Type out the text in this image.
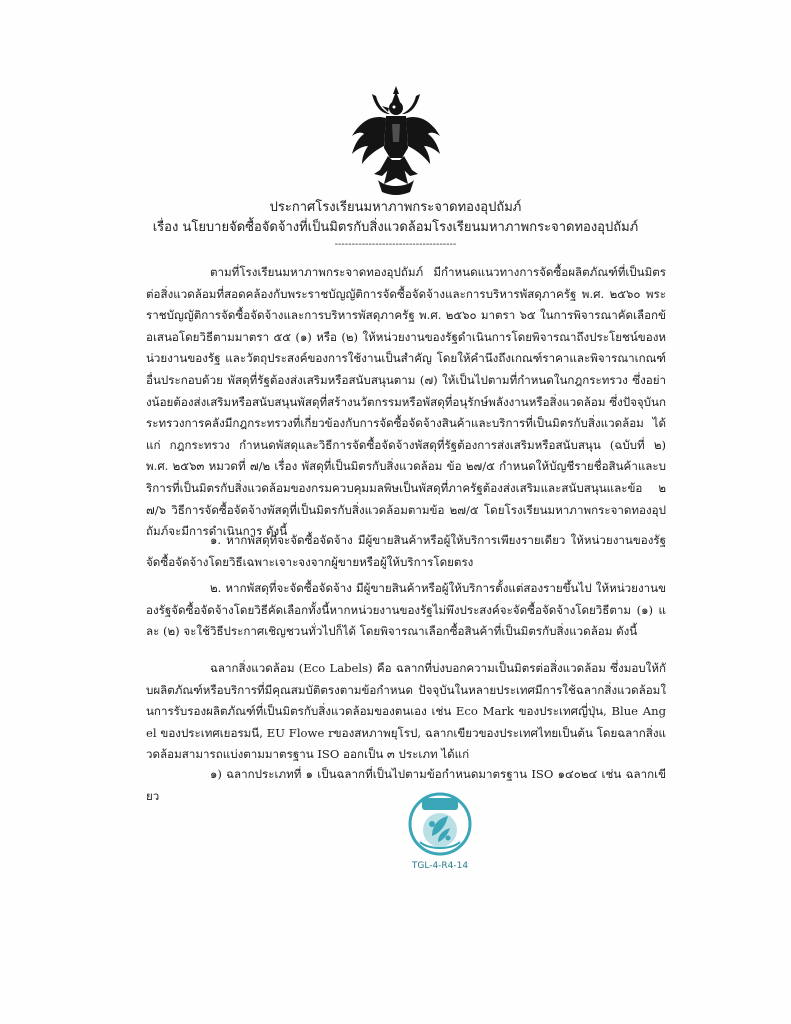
ประกาศโรงเรียนมหาภาพกระจาดทองอุปถัมภ์
เรื่อง นโยบายจัดซื้อจัดจ้างที่เป็นมิตรกับสิ่งแวดล้อมโรงเรียนมหาภาพกระจาดทองอุปถัมภ์
------------------------------------
ตามที่โรงเรียนมหาภาพกระจาดทองอุปถัมภ์ มีกำหนดแนวทางการจัดซื้อผลิตภัณฑ์ที่เป็นมิตรต่อสิ่งแวดล้อมที่สอดคล้องกับพระราชบัญญัติการจัดซื้อจัดจ้างและการบริหารพัสดุภาครัฐ พ.ศ. ๒๕๖๐ พระราชบัญญัติการจัดซื้อจัดจ้างและการบริหารพัสดุภาครัฐ พ.ศ. ๒๕๖๐ มาตรา ๖๕ ในการพิจารณาคัดเลือกข้อเสนอโดยวิธีตามมาตรา ๕๕ (๑) หรือ (๒) ให้หน่วยงานของรัฐดำเนินการโดยพิจารณาถึงประโยชน์ของหน่วยงานของรัฐ และวัตถุประสงค์ของการใช้งานเป็นสำคัญ โดยให้คำนึงถึงเกณฑ์ราคาและพิจารณาเกณฑ์อื่นประกอบด้วย พัสดุที่รัฐต้องส่งเสริมหรือสนับสนุนตาม (๗) ให้เป็นไปตามที่กำหนดในกฎกระทรวง ซึ่งอย่างน้อยต้องส่งเสริมหรือสนับสนุนพัสดุที่สร้างนวัตกรรมหรือพัสดุที่อนุรักษ์พลังงานหรือสิ่งแวดล้อม ซึ่งปัจจุบันกระทรวงการคลังมีกฎกระทรวงที่เกี่ยวข้องกับการจัดซื้อจัดจ้างสินค้าและบริการที่เป็นมิตรกับสิ่งแวดล้อม ได้แก่ กฎกระทรวง กำหนดพัสดุและวิธีการจัดซื้อจัดจ้างพัสดุที่รัฐต้องการส่งเสริมหรือสนับสนุน (ฉบับที่ ๒) พ.ศ. ๒๕๖๓ หมวดที่ ๗/๒ เรื่อง พัสดุที่เป็นมิตรกับสิ่งแวดล้อม ข้อ ๒๗/๕ กำหนดให้บัญชีรายชื่อสินค้าและบริการที่เป็นมิตรกับสิ่งแวดล้อมของกรมควบคุมมลพิษเป็นพัสดุที่ภาครัฐต้องส่งเสริมและสนับสนุนและข้อ ๒๗/๖ วิธีการจัดซื้อจัดจ้างพัสดุที่เป็นมิตรกับสิ่งแวดล้อมตามข้อ ๒๗/๕ โดยโรงเรียนมหาภาพกระจาดทองอุปถัมภ์จะมีการดำเนินการ ดังนี้
๑. หากพัสดุที่จะจัดซื้อจัดจ้าง มีผู้ขายสินค้าหรือผู้ให้บริการเพียงรายเดียว ให้หน่วยงานของรัฐจัดซื้อจัดจ้างโดยวิธีเฉพาะเจาะจงจากผู้ขายหรือผู้ให้บริการโดยตรง
๒. หากพัสดุที่จะจัดซื้อจัดจ้าง มีผู้ขายสินค้าหรือผู้ให้บริการตั้งแต่สองรายขึ้นไป ให้หน่วยงานของรัฐจัดซื้อจัดจ้างโดยวิธีคัดเลือกทั้งนี้หากหน่วยงานของรัฐไม่พึงประสงค์จะจัดซื้อจัดจ้างโดยวิธีตาม (๑) และ (๒) จะใช้วิธีประกาศเชิญชวนทั่วไปก็ได้ โดยพิจารณาเลือกซื้อสินค้าที่เป็นมิตรกับสิ่งแวดล้อม ดังนี้
ฉลากสิ่งแวดล้อม (Eco Labels) คือ ฉลากที่บ่งบอกความเป็นมิตรต่อสิ่งแวดล้อม ซึ่งมอบให้กับผลิตภัณฑ์หรือบริการที่มีคุณสมบัติตรงตามข้อกำหนด ปัจจุบันในหลายประเทศมีการใช้ฉลากสิ่งแวดล้อมในการรับรองผลิตภัณฑ์ที่เป็นมิตรกับสิ่งแวดล้อมของตนเอง เช่น Eco Mark ของประเทศญี่ปุ่น, Blue Angel ของประเทศเยอรมนี, EU Flowe rของสหภาพยุโรป, ฉลากเขียวของประเทศไทยเป็นต้น โดยฉลากสิ่งแวดล้อมสามารถแบ่งตามมาตรฐาน ISO ออกเป็น ๓ ประเภท ได้แก่
๑) ฉลากประเภทที่ ๑ เป็นฉลากที่เป็นไปตามข้อกำหนดมาตรฐาน ISO ๑๔๐๒๔ เช่น ฉลากเขียว
TGL-4-R4-14
